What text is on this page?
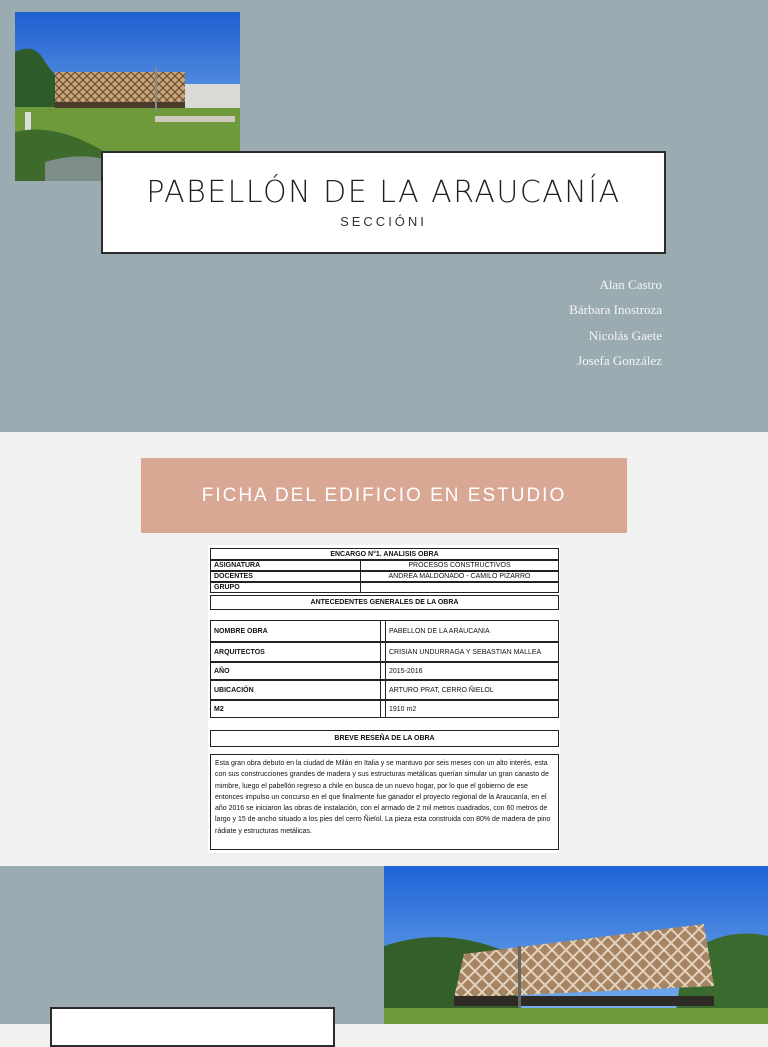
PABELLÓN DE LA ARAUCANÍA
SECCIÓNI
Alan Castro
Bárbara Inostroza
Nicolás Gaete
Josefa González
FICHA DEL EDIFICIO EN ESTUDIO
ENCARGO N°1. ANALISIS OBRA
ASIGNATURA	PROCESOS CONSTRUCTIVOS
DOCENTES	ANDREA MALDONADO - CAMILO PIZARRO
GRUPO
ANTECEDENTES GENERALES DE LA OBRA
NOMBRE OBRA	PABELLON DE LA ARAUCANIA
ARQUITECTOS	CRISIAN UNDURRAGA Y SEBASTIAN MALLEA
AÑO	2015-2016
UBICACIÓN	ARTURO PRAT, CERRO ÑIELOL
M2	1910 m2
BREVE RESEÑA DE LA OBRA
Esta gran obra debuto en la ciudad de Milán en Italia y se mantuvo por seis meses con un alto interés, esta con sus construcciones grandes de madera y sus estructuras metálicas querían simular un gran canasto de mimbre, luego el pabellón regreso a chile en busca de un nuevo hogar, por lo que el gobierno de ese entonces impulso un concurso en el que finalmente fue ganador el proyecto regional de la Araucanía, en el año 2016 se iniciaron las obras de instalación, con el armado de 2 mil metros cuadrados, con 60 metros de largo y 15 de ancho situado a los pies del cerro Ñielol. La pieza esta construida con 80% de madera de pino rádiate y estructuras metálicas.
